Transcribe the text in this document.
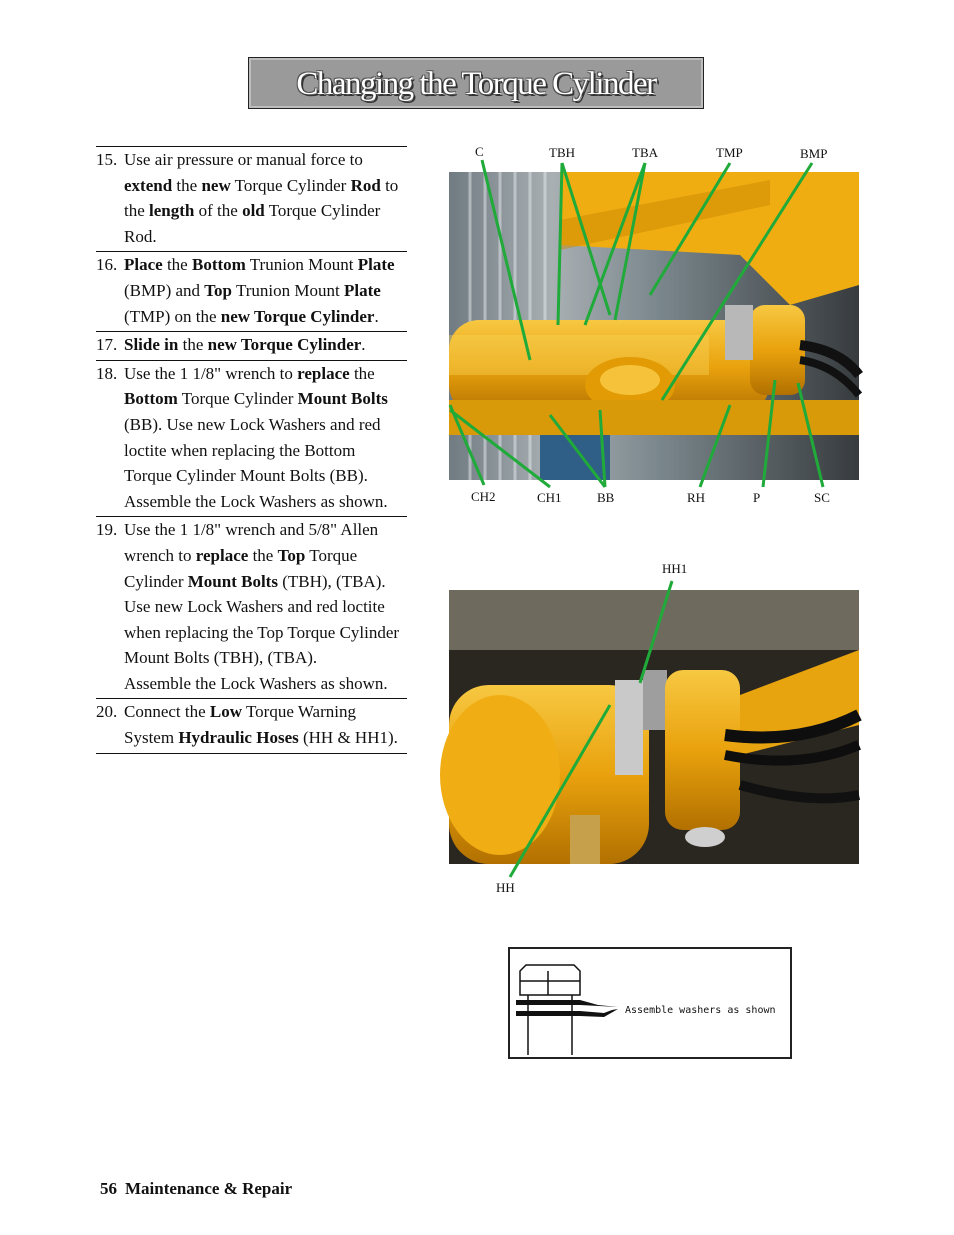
Changing the Torque Cylinder
15. Use air pressure or manual force to extend the new Torque Cylinder Rod to the length of the old Torque Cylinder Rod.
16. Place the Bottom Trunion Mount Plate (BMP) and Top Trunion Mount Plate (TMP) on the new Torque Cylinder.
17. Slide in the new Torque Cylinder.
18. Use the 1 1/8" wrench to replace the Bottom Torque Cylinder Mount Bolts (BB). Use new Lock Washers and red loctite when replacing the Bottom Torque Cylinder Mount Bolts (BB). Assemble the Lock Washers as shown.
19. Use the 1 1/8" wrench and 5/8" Allen wrench to replace the Top Torque Cylinder Mount Bolts (TBH), (TBA).      Use new Lock Washers and red loctite when replacing the Top Torque Cylinder Mount Bolts (TBH), (TBA).
Assemble the Lock Washers as shown.
20. Connect the Low Torque Warning System Hydraulic Hoses (HH & HH1).
C	TBH	TBA	TMP	BMP
CH2	CH1	BB	RH	P	SC
HH1
HH
Assemble washers as shown
56 Maintenance & Repair
